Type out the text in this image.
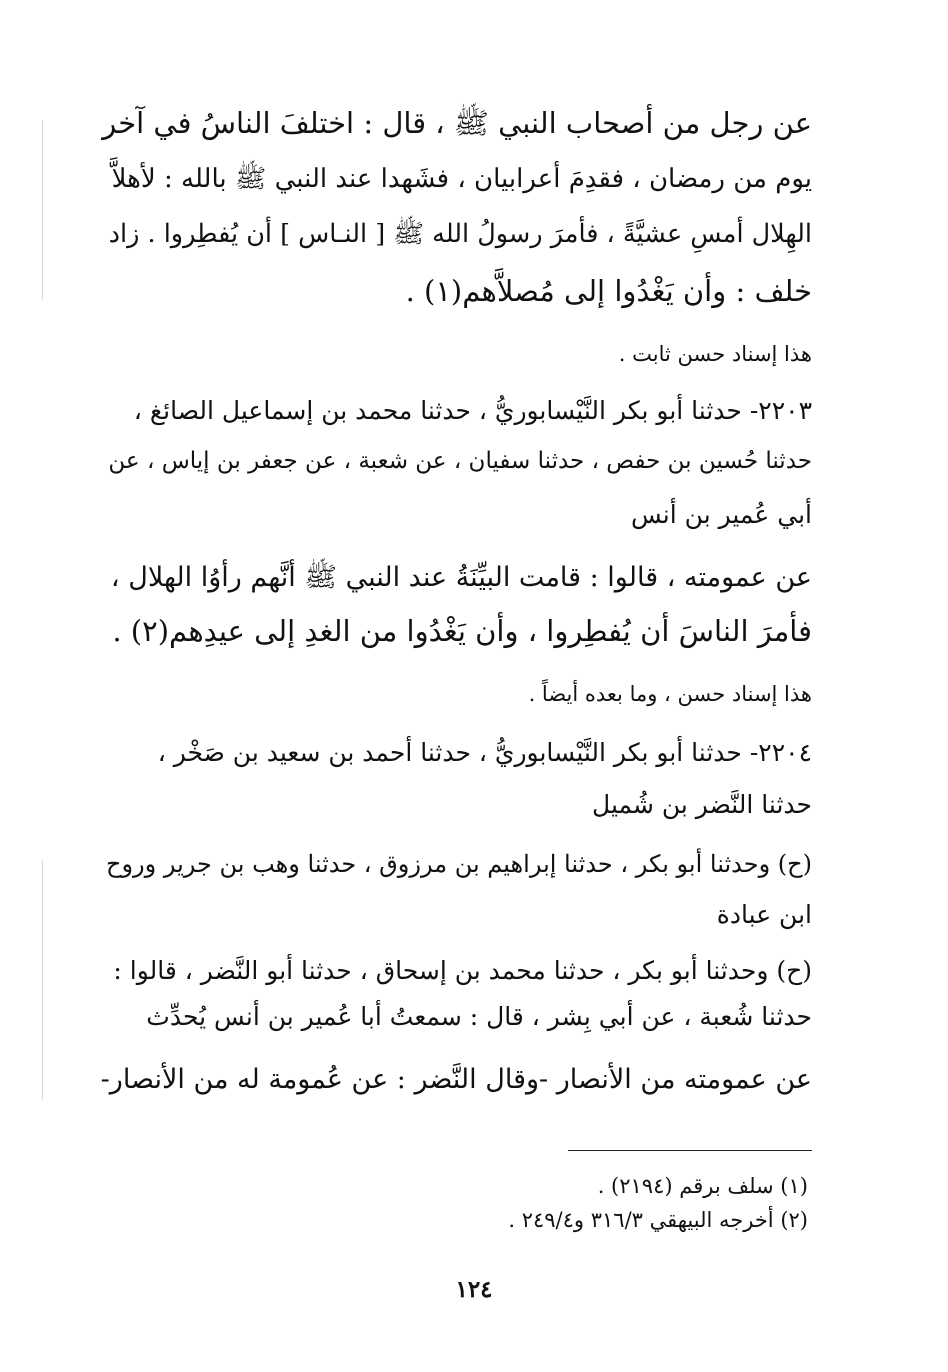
عن رجل من أصحاب النبي ﷺ ، قال : اختلفَ الناسُ في آخر

يوم من رمضان ، فقدِمَ أعرابيان ، فشَهدا عند النبي ﷺ بالله : لأهلاَّ

الهِلال أمسِ عشيَّةً ، فأمرَ رسولُ الله ﷺ [ النـاس ] أن يُفطِروا . زاد

خلف : وأن يَغْدُوا إلى مُصلاَّهم(١) .

هذا إسناد حسن ثابت .

٢٢٠٣- حدثنا أبو بكر النَّيْسابوريُّ ، حدثنا محمد بن إسماعيل الصائغ ،

حدثنا حُسين بن حفص ، حدثنا سفيان ، عن شعبة ، عن جعفر بن إياس ، عن

أبي عُمير بن أنس

عن عمومته ، قالوا : قامت البيِّنَةُ عند النبي ﷺ أنَّهم رأوُا الهلال ،

فأمرَ الناسَ أن يُفطِروا ، وأن يَغْدُوا من الغدِ إلى عيدِهم(٢) .

هذا إسناد حسن ، وما بعده أيضاً .

٢٢٠٤- حدثنا أبو بكر النَّيْسابوريُّ ، حدثنا أحمد بن سعيد بن صَخْر ،

حدثنا النَّضر بن شُميل

(ح) وحدثنا أبو بكر ، حدثنا إبراهيم بن مرزوق ، حدثنا وهب بن جرير وروح

ابن عبادة

(ح) وحدثنا أبو بكر ، حدثنا محمد بن إسحاق ، حدثنا أبو النَّضر ، قالوا :

حدثنا شُعبة ، عن أبي بِشر ، قال : سمعتُ أبا عُمير بن أنس يُحدِّث

عن عمومته من الأنصار -وقال النَّضر : عن عُمومة له من الأنصار-

(١) سلف برقم (٢١٩٤) .

(٢) أخرجه البيهقي ٣١٦/٣ و٢٤٩/٤ .

١٢٤
